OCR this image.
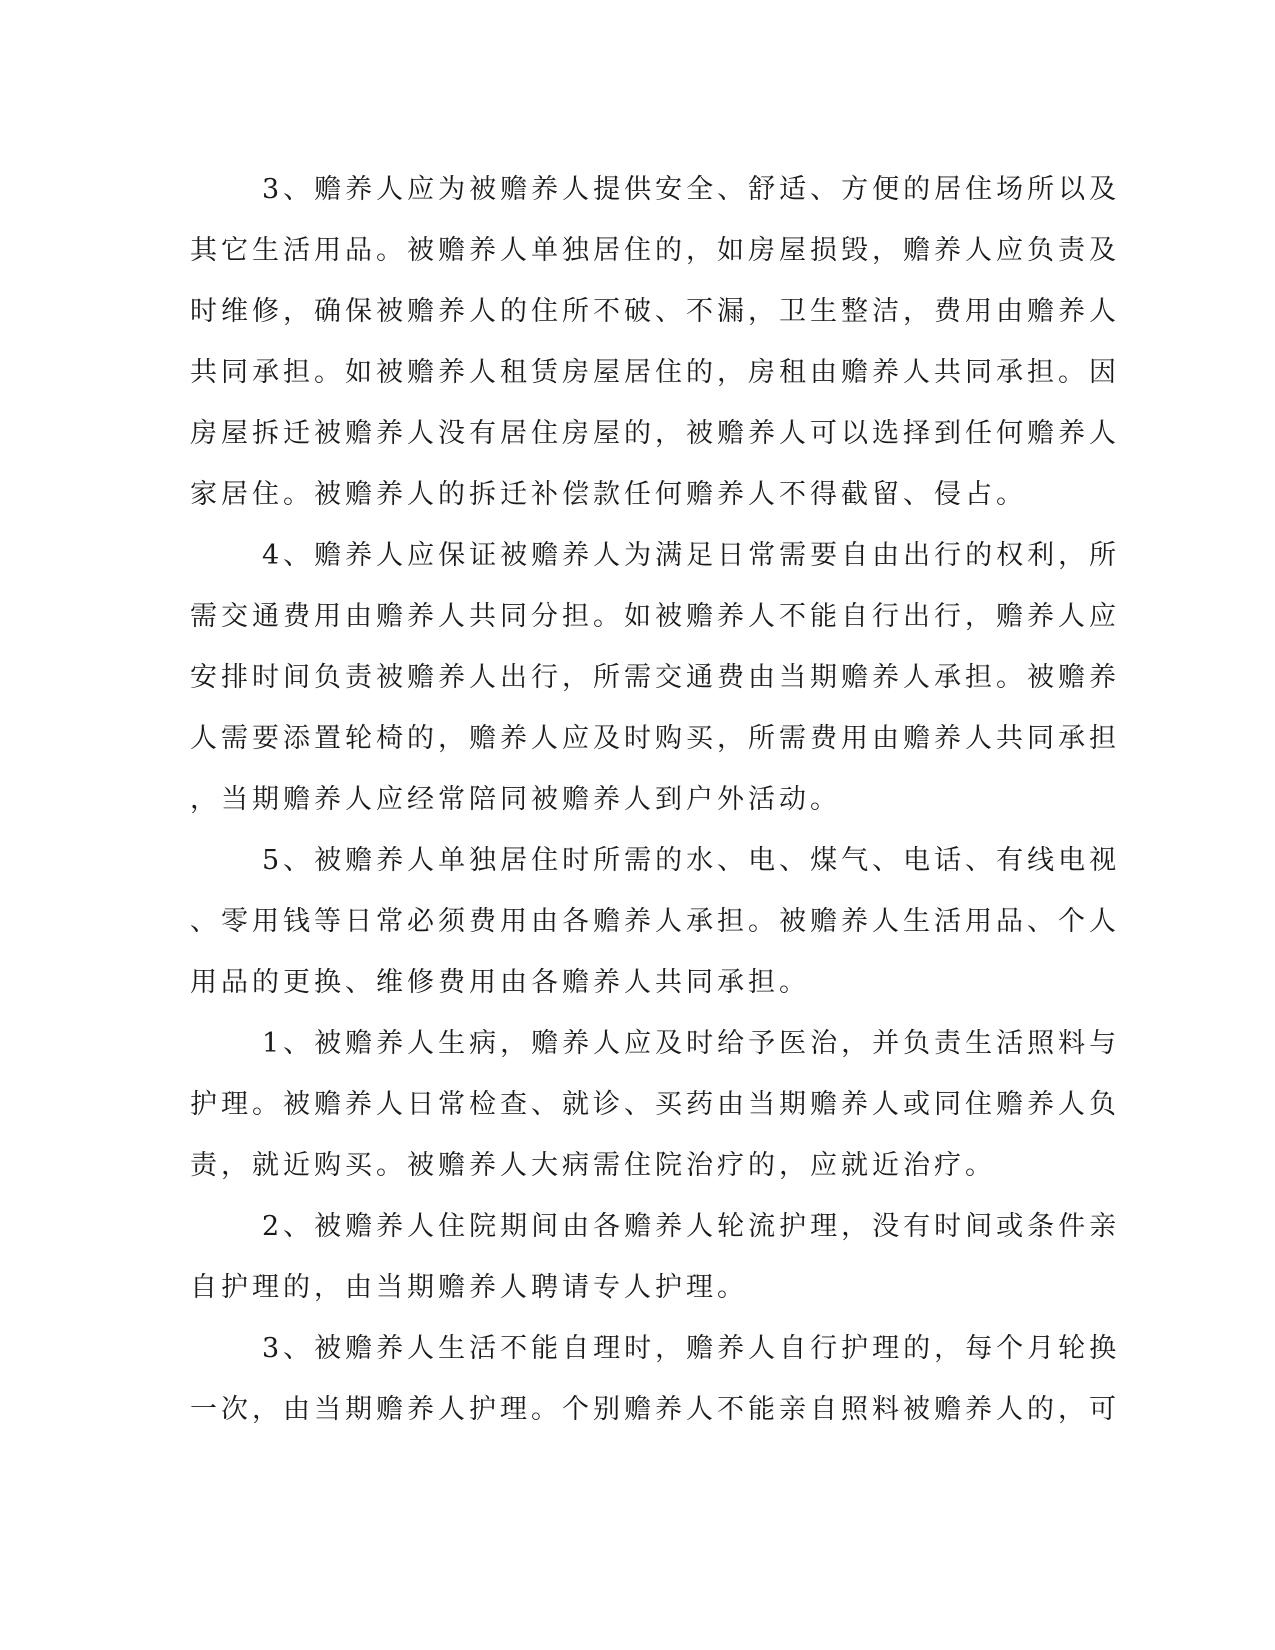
3、赡养人应为被赡养人提供安全、舒适、方便的居住场所以及
其它生活用品。被赡养人单独居住的，如房屋损毁，赡养人应负责及
时维修，确保被赡养人的住所不破、不漏，卫生整洁，费用由赡养人
共同承担。如被赡养人租赁房屋居住的，房租由赡养人共同承担。因
房屋拆迁被赡养人没有居住房屋的，被赡养人可以选择到任何赡养人
家居住。被赡养人的拆迁补偿款任何赡养人不得截留、侵占。
4、赡养人应保证被赡养人为满足日常需要自由出行的权利，所
需交通费用由赡养人共同分担。如被赡养人不能自行出行，赡养人应
安排时间负责被赡养人出行，所需交通费由当期赡养人承担。被赡养
人需要添置轮椅的，赡养人应及时购买，所需费用由赡养人共同承担
，当期赡养人应经常陪同被赡养人到户外活动。
5、被赡养人单独居住时所需的水、电、煤气、电话、有线电视
、零用钱等日常必须费用由各赡养人承担。被赡养人生活用品、个人
用品的更换、维修费用由各赡养人共同承担。
1、被赡养人生病，赡养人应及时给予医治，并负责生活照料与
护理。被赡养人日常检查、就诊、买药由当期赡养人或同住赡养人负
责，就近购买。被赡养人大病需住院治疗的，应就近治疗。
2、被赡养人住院期间由各赡养人轮流护理，没有时间或条件亲
自护理的，由当期赡养人聘请专人护理。
3、被赡养人生活不能自理时，赡养人自行护理的，每个月轮换
一次，由当期赡养人护理。个别赡养人不能亲自照料被赡养人的，可
